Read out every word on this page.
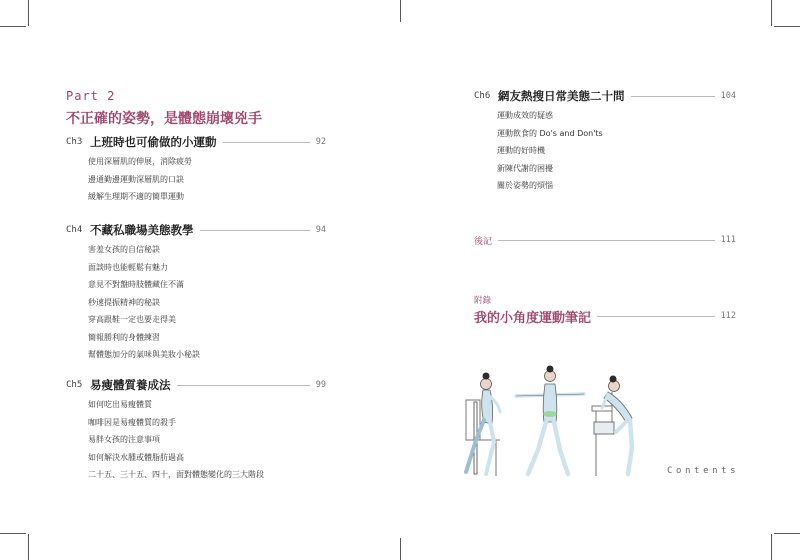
Part 2
不正確的姿勢，是體態崩壞兇手
Ch3 上班時也可偷做的小運動	92
使用深層肌的伸展，消除疲勞
邊通勤邊運動深層肌的口訣
緩解生理期不適的簡單運動
Ch4 不藏私職場美態教學	94
害羞女孩的自信秘訣
面談時也能輕鬆有魅力
意見不對盤時肢體藏住不滿
秒速提振精神的秘訣
穿高跟鞋一定也要走得美
簡報勝利的身體練習
幫體態加分的氣味與美妝小秘訣
Ch5 易瘦體質養成法	99
如何吃出易瘦體質
咖啡因是易瘦體質的殺手
易胖女孩的注意事項
如何解決水腫或體脂肪過高
二十五、三十五、四十，面對體態變化的三大階段
Ch6 網友熱搜日常美態二十問	104
運動成效的疑惑
運動飲食的 Do's and Don'ts
運動的好時機
新陳代謝的困擾
關於姿勢的煩惱
後記	111
附錄
我的小角度運動筆記	112
Contents
